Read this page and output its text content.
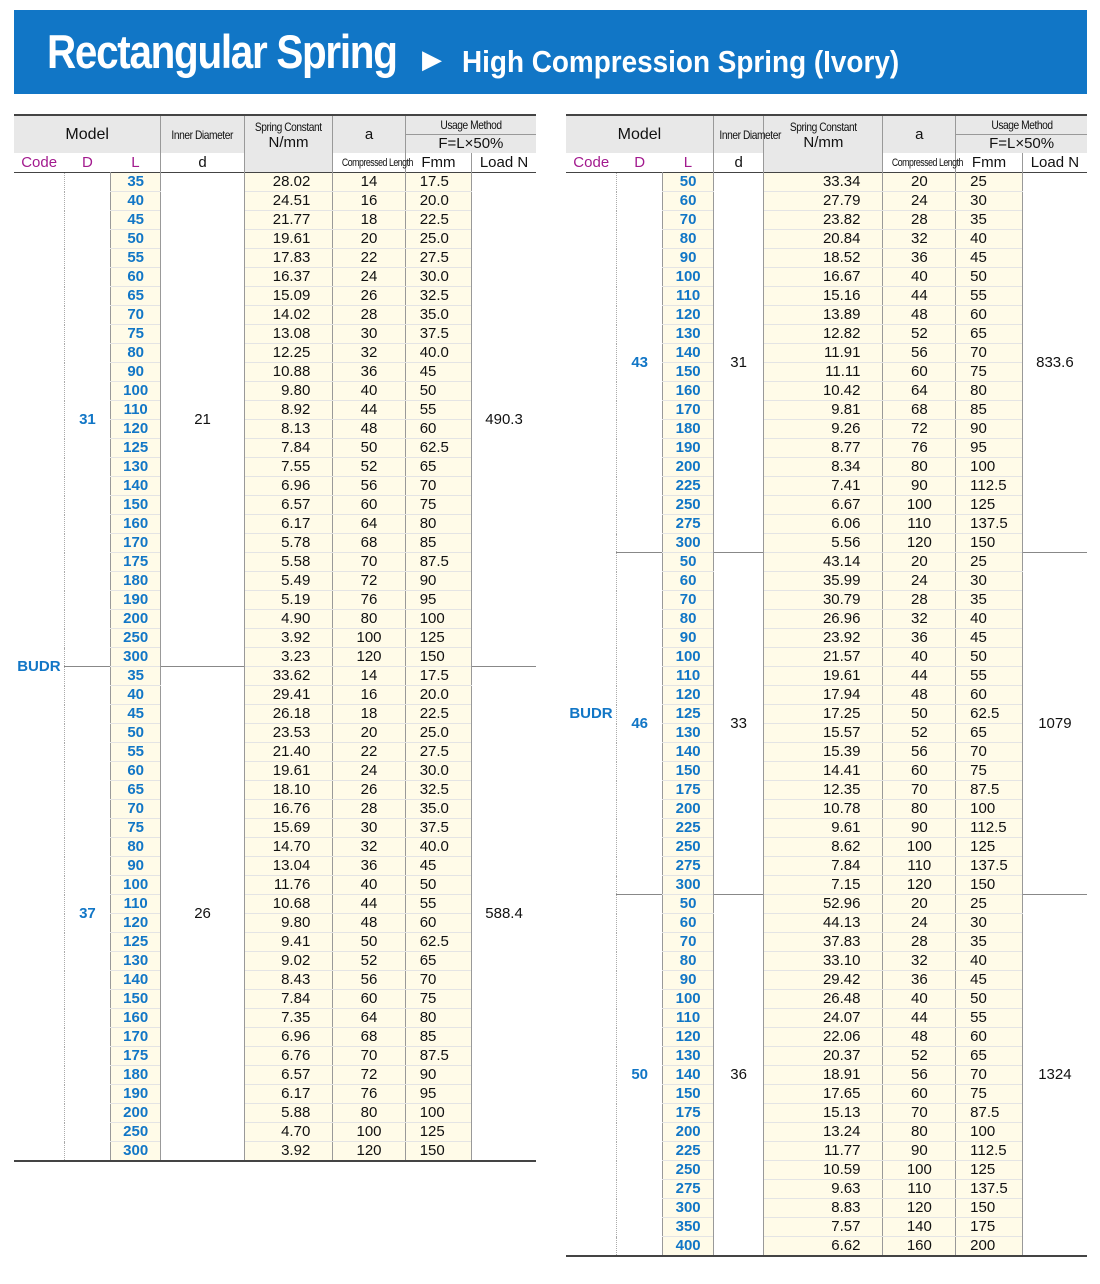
Rectangular Spring ▶ High Compression Spring (Ivory)
Model			Inner Diameter	Spring Constant
N/mm	a	Usage Method	
						F=L×50%	
Code	D	L	d		Compressed Length	Fmm	Load N
BUDR	31	35	21	28.02	14	17.5	490.3
		40		24.51	16	20.0	
		45		21.77	18	22.5	
		50		19.61	20	25.0	
		55		17.83	22	27.5	
		60		16.37	24	30.0	
		65		15.09	26	32.5	
		70		14.02	28	35.0	
		75		13.08	30	37.5	
		80		12.25	32	40.0	
		90		10.88	36	45	
		100		9.80	40	50	
		110		8.92	44	55	
		120		8.13	48	60	
		125		7.84	50	62.5	
		130		7.55	52	65	
		140		6.96	56	70	
		150		6.57	60	75	
		160		6.17	64	80	
		170		5.78	68	85	
		175		5.58	70	87.5	
		180		5.49	72	90	
		190		5.19	76	95	
		200		4.90	80	100	
		250		3.92	100	125	
		300		3.23	120	150	
	37	35	26	33.62	14	17.5	588.4
		40		29.41	16	20.0	
		45		26.18	18	22.5	
		50		23.53	20	25.0	
		55		21.40	22	27.5	
		60		19.61	24	30.0	
		65		18.10	26	32.5	
		70		16.76	28	35.0	
		75		15.69	30	37.5	
		80		14.70	32	40.0	
		90		13.04	36	45	
		100		11.76	40	50	
		110		10.68	44	55	
		120		9.80	48	60	
		125		9.41	50	62.5	
		130		9.02	52	65	
		140		8.43	56	70	
		150		7.84	60	75	
		160		7.35	64	80	
		170		6.96	68	85	
		175		6.76	70	87.5	
		180		6.57	72	90	
		190		6.17	76	95	
		200		5.88	80	100	
		250		4.70	100	125	
		300		3.92	120	150	
Model			Inner Diameter	Spring Constant
N/mm	a	Usage Method	
						F=L×50%	
Code	D	L	d		Compressed Length	Fmm	Load N
BUDR	43	50	31	33.34	20	25	833.6
		60		27.79	24	30	
		70		23.82	28	35	
		80		20.84	32	40	
		90		18.52	36	45	
		100		16.67	40	50	
		110		15.16	44	55	
		120		13.89	48	60	
		130		12.82	52	65	
		140		11.91	56	70	
		150		11.11	60	75	
		160		10.42	64	80	
		170		9.81	68	85	
		180		9.26	72	90	
		190		8.77	76	95	
		200		8.34	80	100	
		225		7.41	90	112.5	
		250		6.67	100	125	
		275		6.06	110	137.5	
		300		5.56	120	150	
	46	50	33	43.14	20	25	1079
		60		35.99	24	30	
		70		30.79	28	35	
		80		26.96	32	40	
		90		23.92	36	45	
		100		21.57	40	50	
		110		19.61	44	55	
		120		17.94	48	60	
		125		17.25	50	62.5	
		130		15.57	52	65	
		140		15.39	56	70	
		150		14.41	60	75	
		175		12.35	70	87.5	
		200		10.78	80	100	
		225		9.61	90	112.5	
		250		8.62	100	125	
		275		7.84	110	137.5	
		300		7.15	120	150	
	50	50	36	52.96	20	25	1324
		60		44.13	24	30	
		70		37.83	28	35	
		80		33.10	32	40	
		90		29.42	36	45	
		100		26.48	40	50	
		110		24.07	44	55	
		120		22.06	48	60	
		130		20.37	52	65	
		140		18.91	56	70	
		150		17.65	60	75	
		175		15.13	70	87.5	
		200		13.24	80	100	
		225		11.77	90	112.5	
		250		10.59	100	125	
		275		9.63	110	137.5	
		300		8.83	120	150	
		350		7.57	140	175	
		400		6.62	160	200	
